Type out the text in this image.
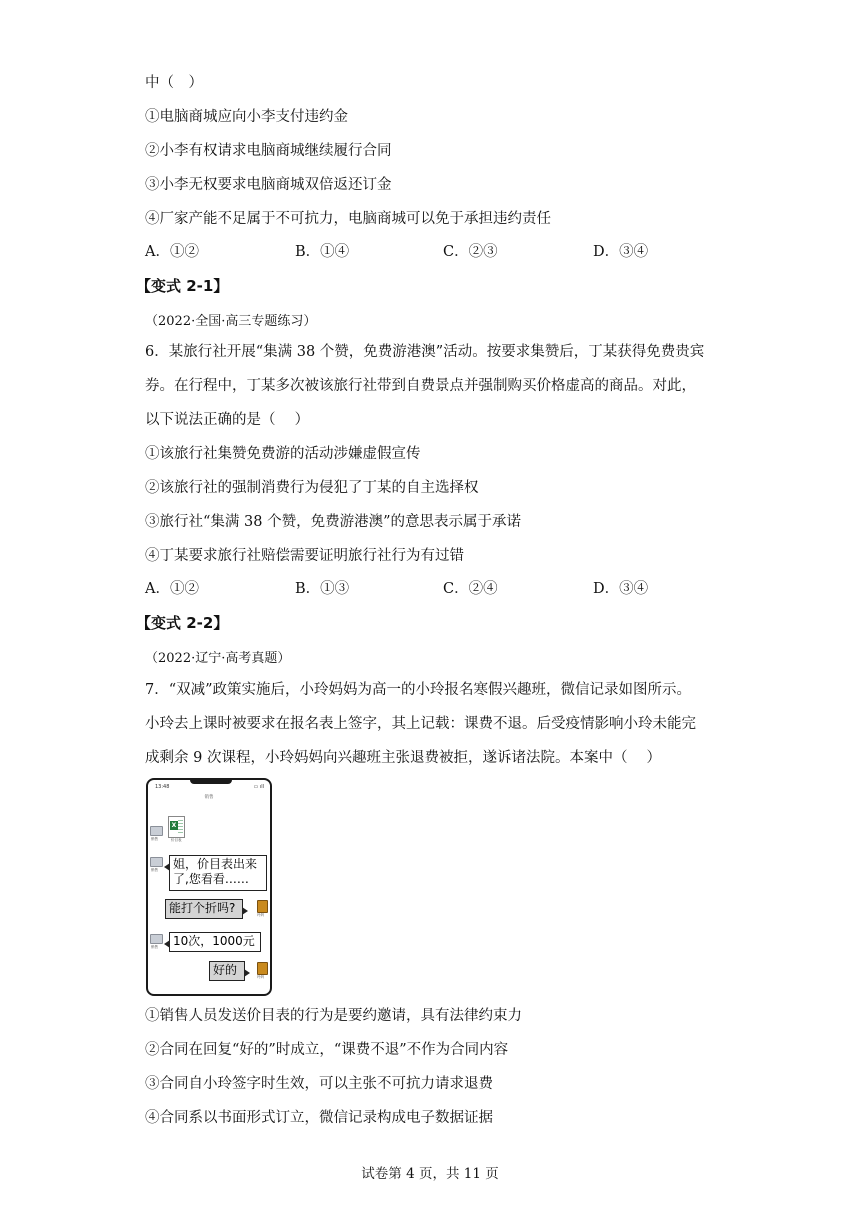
中（　）
①电脑商城应向小李支付违约金
②小李有权请求电脑商城继续履行合同
③小李无权要求电脑商城双倍返还订金
④厂家产能不足属于不可抗力，电脑商城可以免于承担违约责任
A．①②	B．①④	C．②③	D．③④
【变式 2-1】
（2022·全国·高三专题练习）
6．某旅行社开展“集满 38 个赞，免费游港澳”活动。按要求集赞后，丁某获得免费贵宾
券。在行程中，丁某多次被该旅行社带到自费景点并强制购买价格虚高的商品。对此，
以下说法正确的是（　 ）
①该旅行社集赞免费游的活动涉嫌虚假宣传
②该旅行社的强制消费行为侵犯了丁某的自主选择权
③旅行社“集满 38 个赞，免费游港澳”的意思表示属于承诺
④丁某要求旅行社赔偿需要证明旅行社行为有过错
A．①②	B．①③	C．②④	D．③④
【变式 2-2】
（2022·辽宁·高考真题）
7．“双减”政策实施后，小玲妈妈为高一的小玲报名寒假兴趣班，微信记录如图所示。
小玲去上课时被要求在报名表上签字，其上记载：课费不退。后受疫情影响小玲未能完
成剩余 9 次课程，小玲妈妈向兴趣班主张退费被拒，遂诉诸法院。本案中（　 ）
13:48	▭ ıll
销售
销售
X
价目表
销售	姐，价目表出来了,您看看……
能打个折吗?	玲妈
销售	10次，1000元
好的	玲妈
①销售人员发送价目表的行为是要约邀请，具有法律约束力
②合同在回复“好的”时成立，“课费不退”不作为合同内容
③合同自小玲签字时生效，可以主张不可抗力请求退费
④合同系以书面形式订立，微信记录构成电子数据证据
试卷第 4 页，共 11 页
